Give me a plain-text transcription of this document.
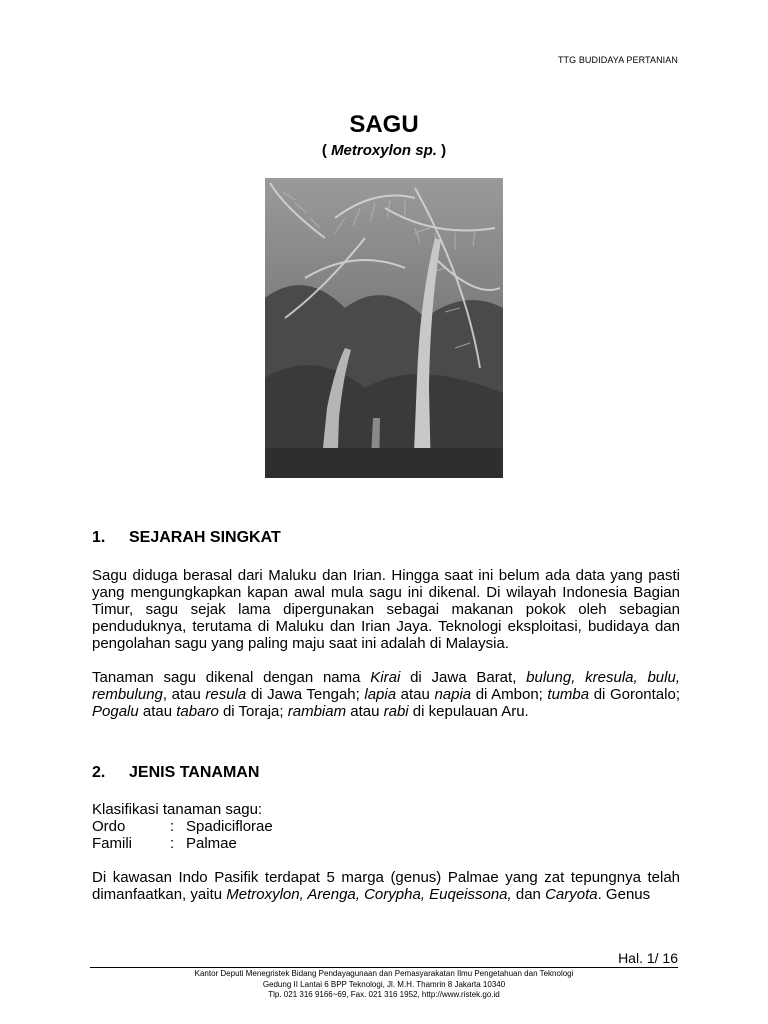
TTG BUDIDAYA PERTANIAN
SAGU
( Metroxylon sp. )
1. SEJARAH SINGKAT

Sagu diduga berasal dari Maluku dan Irian. Hingga saat ini belum ada data yang pasti yang mengungkapkan kapan awal mula sagu ini dikenal. Di wilayah Indonesia Bagian Timur, sagu sejak lama dipergunakan sebagai makanan pokok oleh sebagian penduduknya, terutama di Maluku dan Irian Jaya. Teknologi eksploitasi, budidaya dan pengolahan sagu yang paling maju saat ini adalah di Malaysia.

Tanaman sagu dikenal dengan nama Kirai di Jawa Barat, bulung, kresula, bulu, rembulung, atau resula di Jawa Tengah; lapia atau napia di Ambon; tumba di Gorontalo; Pogalu atau tabaro di Toraja; rambiam atau rabi di kepulauan Aru.

2. JENIS TANAMAN

Klasifikasi tanaman sagu:

Ordo	: Spadiciflorae
Famili	: Palmae

Di kawasan Indo Pasifik terdapat 5 marga (genus) Palmae yang zat tepungnya telah dimanfaatkan, yaitu Metroxylon, Arenga, Corypha, Euqeissona, dan Caryota. Genus

Hal. 1/ 16
Kantor Deputi Menegristek Bidang Pendayagunaan dan Pemasyarakatan Ilmu Pengetahuan dan Teknologi
Gedung II Lantai 6 BPP Teknologi, Jl. M.H. Thamrin 8 Jakarta 10340
Tlp. 021 316 9166~69, Fax. 021 316 1952, http://www.ristek.go.id
